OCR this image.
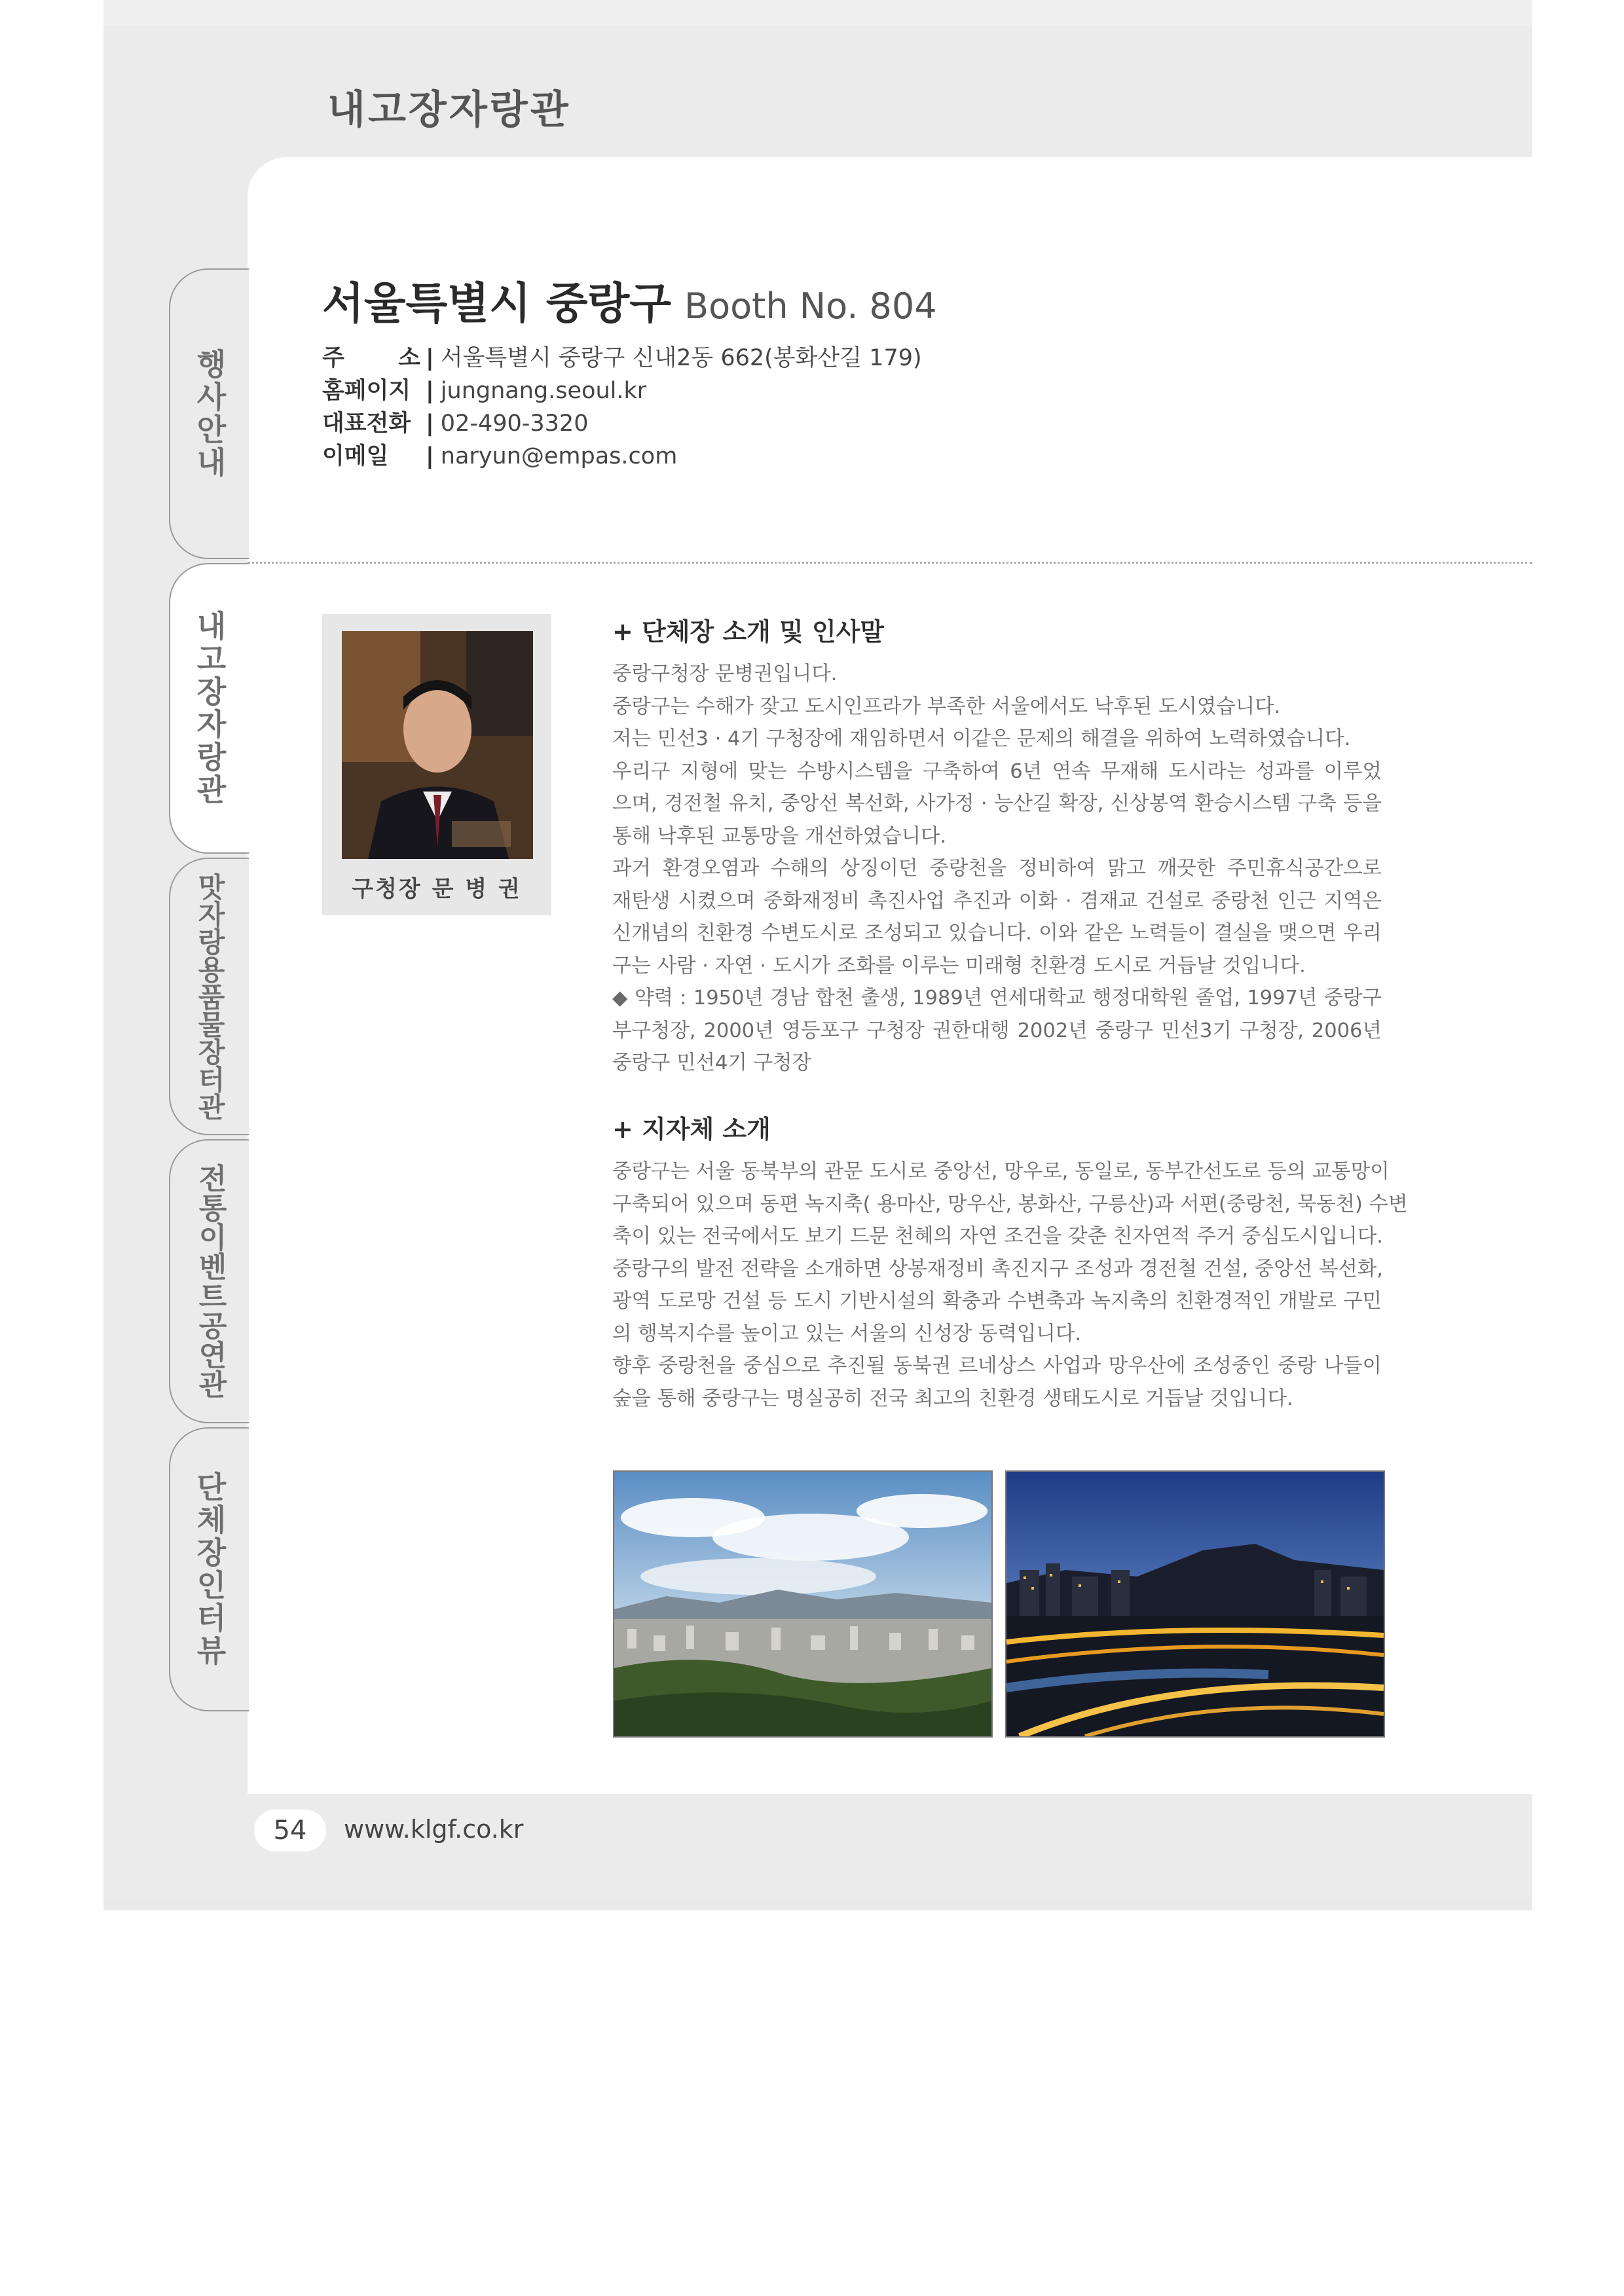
내고장자랑관
행사안내
내고장자랑관
맛자랑용품물장터관
전통이벤트공연관
단체장인터뷰
서울특별시 중랑구 Booth No. 804
주　소 | 서울특별시 중랑구 신내2동 662(봉화산길 179)
홈페이지 | jungnang.seoul.kr
대표전화 | 02-490-3320
이메일 | naryun@empas.com
구청장 문 병 권
+ 단체장 소개 및 인사말
중랑구청장 문병권입니다.
중랑구는 수해가 잦고 도시인프라가 부족한 서울에서도 낙후된 도시였습니다.
저는 민선3 · 4기 구청장에 재임하면서 이같은 문제의 해결을 위하여 노력하였습니다.
우리구 지형에 맞는 수방시스템을 구축하여 6년 연속 무재해 도시라는 성과를 이루었
으며, 경전철 유치, 중앙선 복선화, 사가정 · 능산길 확장, 신상봉역 환승시스템 구축 등을
통해 낙후된 교통망을 개선하였습니다.
과거 환경오염과 수해의 상징이던 중랑천을 정비하여 맑고 깨끗한 주민휴식공간으로
재탄생 시켰으며 중화재정비 촉진사업 추진과 이화 · 겸재교 건설로 중랑천 인근 지역은
신개념의 친환경 수변도시로 조성되고 있습니다. 이와 같은 노력들이 결실을 맺으면 우리
구는 사람 · 자연 · 도시가 조화를 이루는 미래형 친환경 도시로 거듭날 것입니다.
◆ 약력 : 1950년 경남 합천 출생, 1989년 연세대학교 행정대학원 졸업, 1997년 중랑구
부구청장, 2000년 영등포구 구청장 권한대행 2002년 중랑구 민선3기 구청장, 2006년
중랑구 민선4기 구청장
+ 지자체 소개
중랑구는 서울 동북부의 관문 도시로 중앙선, 망우로, 동일로, 동부간선도로 등의 교통망이
구축되어 있으며 동편 녹지축( 용마산, 망우산, 봉화산, 구릉산)과 서편(중랑천, 묵동천) 수변
축이 있는 전국에서도 보기 드문 천혜의 자연 조건을 갖춘 친자연적 주거 중심도시입니다.
중랑구의 발전 전략을 소개하면 상봉재정비 촉진지구 조성과 경전철 건설, 중앙선 복선화,
광역 도로망 건설 등 도시 기반시설의 확충과 수변축과 녹지축의 친환경적인 개발로 구민
의 행복지수를 높이고 있는 서울의 신성장 동력입니다.
향후 중랑천을 중심으로 추진될 동북권 르네상스 사업과 망우산에 조성중인 중랑 나들이
숲을 통해 중랑구는 명실공히 전국 최고의 친환경 생태도시로 거듭날 것입니다.
54	www.klgf.co.kr
